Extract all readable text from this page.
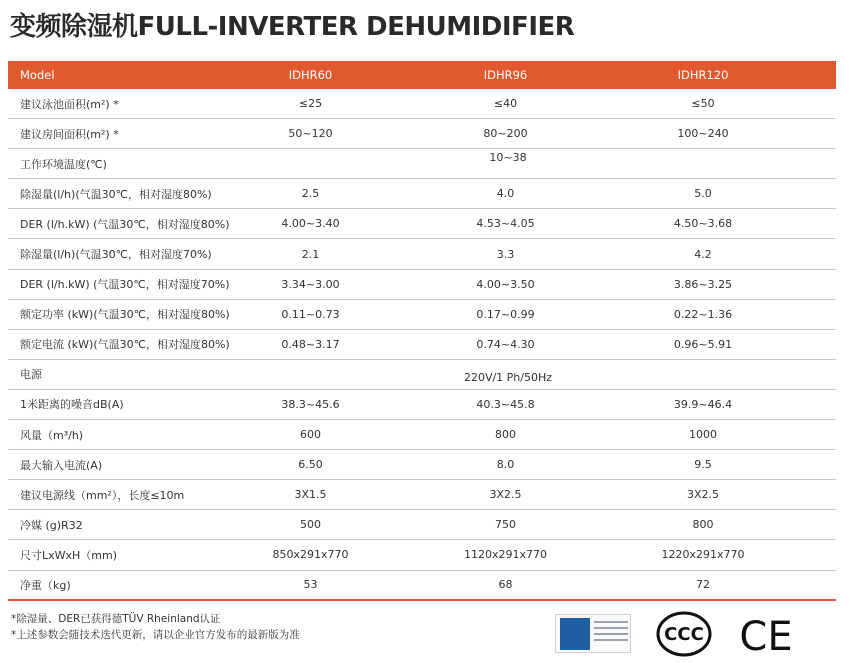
变频除湿机FULL-INVERTER DEHUMIDIFIER
Model	IDHR60	IDHR96	IDHR120
建议泳池面积(m²) *	≤25	≤40	≤50
建议房间面积(m²) *	50~120	80~200	100~240
工作环境温度(℃)	10~38
除湿量(l/h)(气温30℃，相对湿度80%)	2.5	4.0	5.0
DER (l/h.kW) (气温30℃，相对湿度80%)	4.00~3.40	4.53~4.05	4.50~3.68
除湿量(l/h)(气温30℃，相对湿度70%)	2.1	3.3	4.2
DER (l/h.kW) (气温30℃，相对湿度70%)	3.34~3.00	4.00~3.50	3.86~3.25
额定功率 (kW)(气温30℃，相对湿度80%)	0.11~0.73	0.17~0.99	0.22~1.36
额定电流 (kW)(气温30℃，相对湿度80%)	0.48~3.17	0.74~4.30	0.96~5.91
电源	220V/1 Ph/50Hz
1米距离的噪音dB(A)	38.3~45.6	40.3~45.8	39.9~46.4
风量（m³/h)	600	800	1000
最大输入电流(A)	6.50	8.0	9.5
建议电源线（mm²），长度≤10m	3X1.5	3X2.5	3X2.5
冷媒 (g)R32	500	750	800
尺寸LxWxH（mm)	850x291x770	1120x291x770	1220x291x770
净重（kg)	53	68	72
*除湿量、DER已获得德TÜV Rheinland认证
*上述参数会随技术迭代更新，请以企业官方发布的最新版为准	CCC CE
